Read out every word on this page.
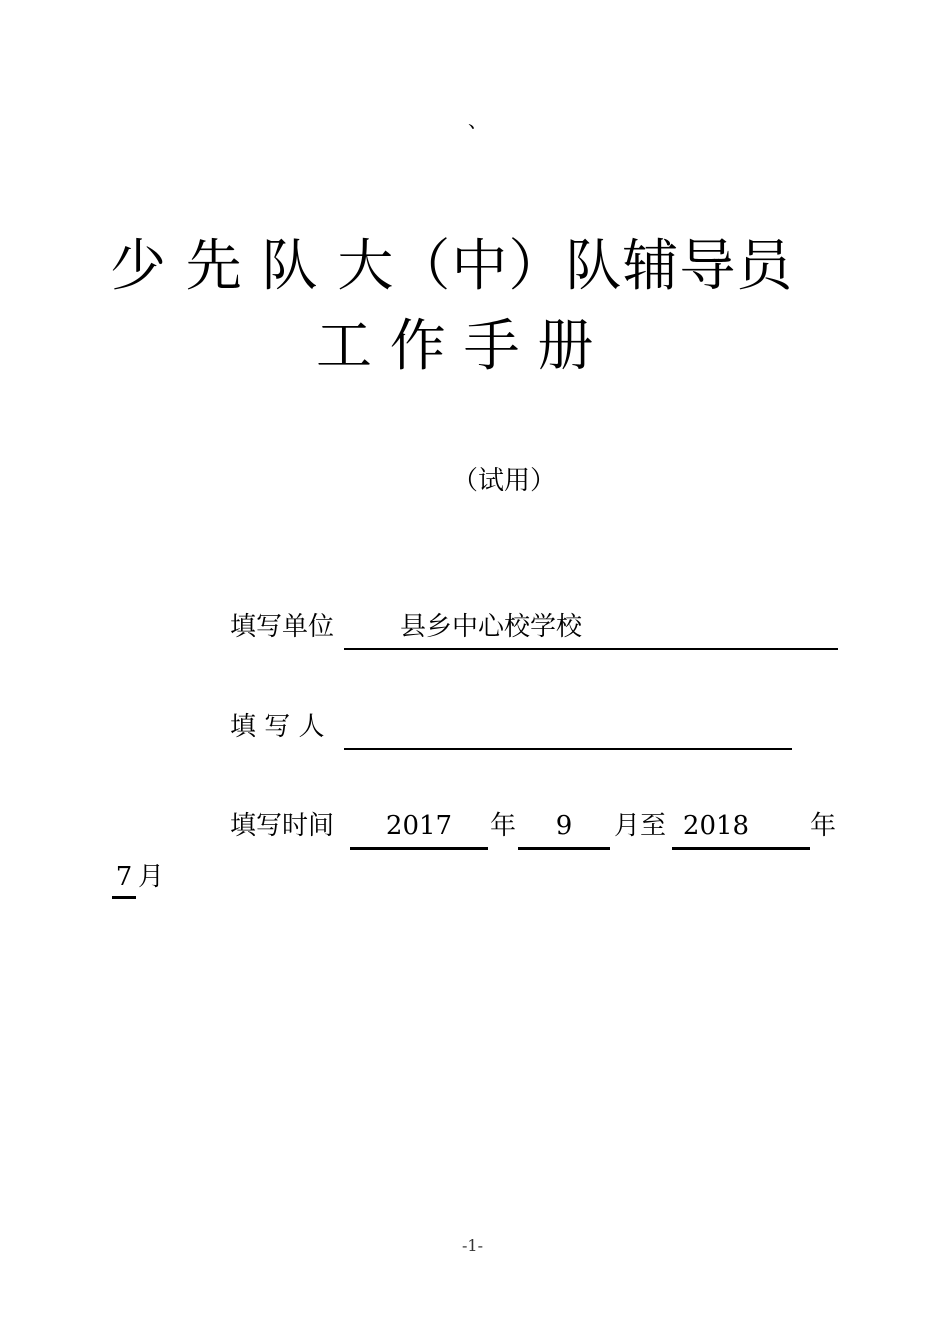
、
少 先 队 大（中）队辅导员
工 作 手 册
（试用）
填写单位	县乡中心校学校
填 写 人
填写时间	2017	年	9	月至 2018	年
7 月
-1-
